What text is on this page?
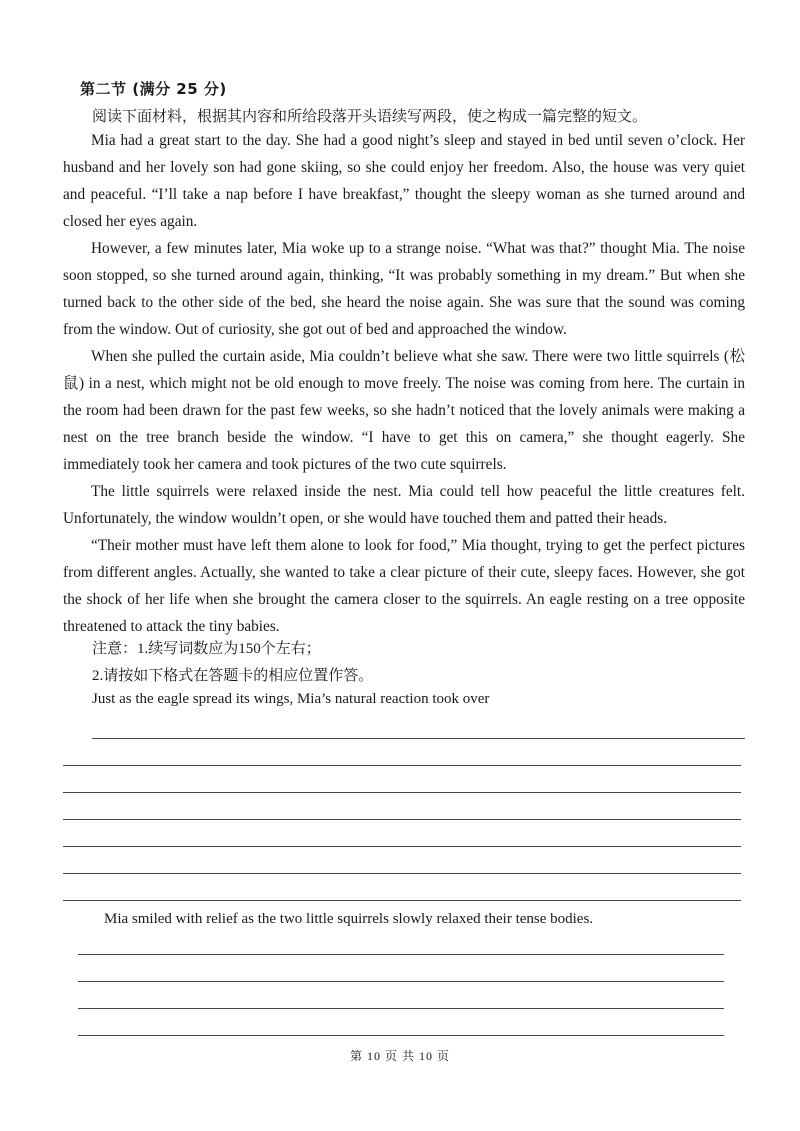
第二节 (满分 25 分)
阅读下面材料，根据其内容和所给段落开头语续写两段，使之构成一篇完整的短文。

Mia had a great start to the day. She had a good night’s sleep and stayed in bed until seven o’clock. Her husband and her lovely son had gone skiing, so she could enjoy her freedom. Also, the house was very quiet and peaceful. “I’ll take a nap before I have breakfast,” thought the sleepy woman as she turned around and closed her eyes again.

However, a few minutes later, Mia woke up to a strange noise. “What was that?” thought Mia. The noise soon stopped, so she turned around again, thinking, “It was probably something in my dream.” But when she turned back to the other side of the bed, she heard the noise again. She was sure that the sound was coming from the window. Out of curiosity, she got out of bed and approached the window.

When she pulled the curtain aside, Mia couldn’t believe what she saw. There were two little squirrels (松鼠) in a nest, which might not be old enough to move freely. The noise was coming from here. The curtain in the room had been drawn for the past few weeks, so she hadn’t noticed that the lovely animals were making a nest on the tree branch beside the window. “I have to get this on camera,” she thought eagerly. She immediately took her camera and took pictures of the two cute squirrels.

The little squirrels were relaxed inside the nest. Mia could tell how peaceful the little creatures felt. Unfortunately, the window wouldn’t open, or she would have touched them and patted their heads.

“Their mother must have left them alone to look for food,” Mia thought, trying to get the perfect pictures from different angles. Actually, she wanted to take a clear picture of their cute, sleepy faces. However, she got the shock of her life when she brought the camera closer to the squirrels. An eagle resting on a tree opposite threatened to attack the tiny babies.

注意：1.续写词数应为150个左右；
2.请按如下格式在答题卡的相应位置作答。
Just as the eagle spread its wings, Mia’s natural reaction took over
Mia smiled with relief as the two little squirrels slowly relaxed their tense bodies.
第 10 页 共 10 页
